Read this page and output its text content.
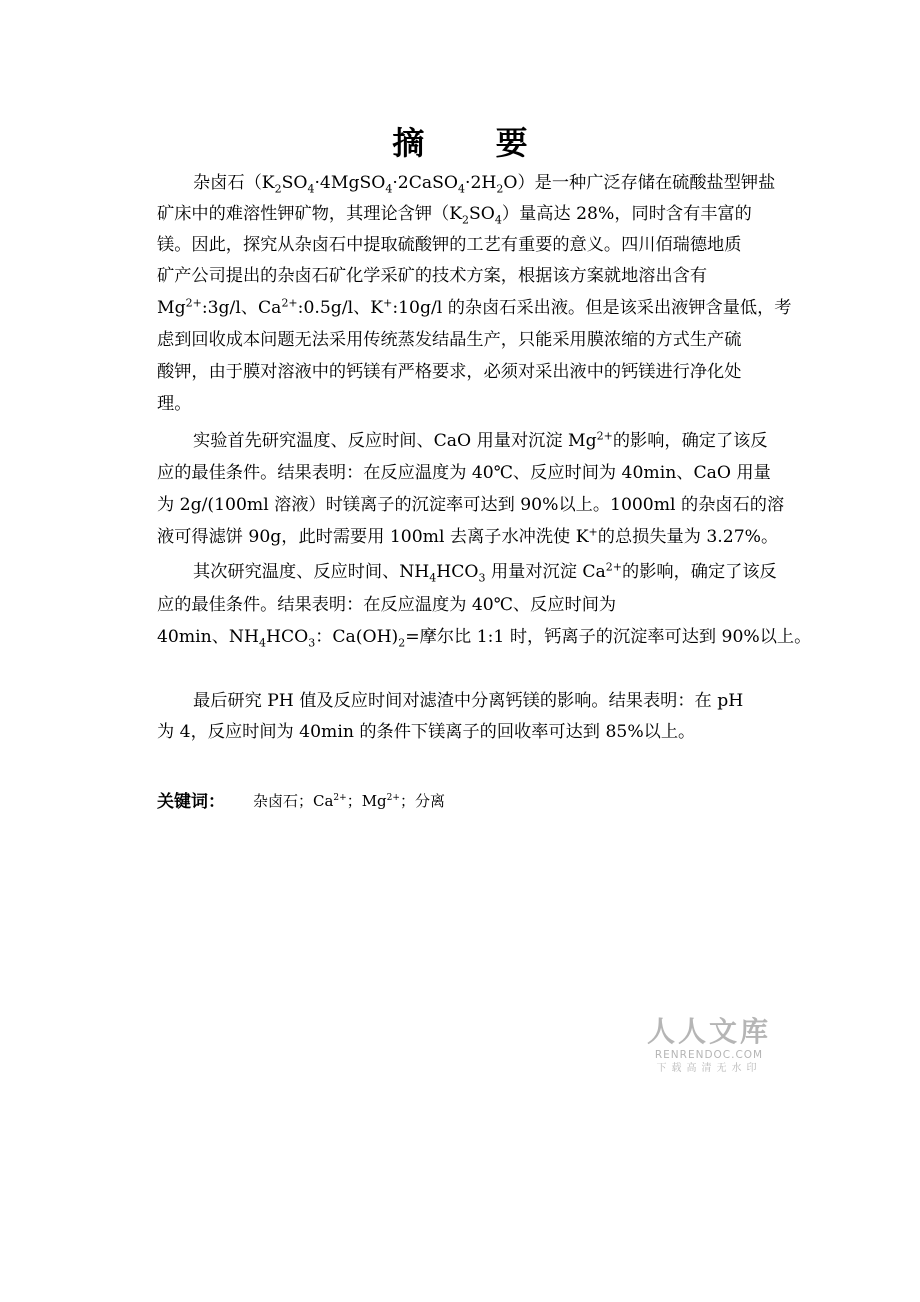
摘 要
杂卤石$(K_2SO_4\cdot 4MgSO_4\cdot 2CaSO_4\cdot 2H_2O)$是一种广泛存储在硫酸盐型钾盐
矿床中的难溶性钾矿物，其理论含钾$(K_2SO_4)$量高达 28%，同时含有丰富的
镁。因此，探究从杂卤石中提取硫酸钾的工艺有重要的意义。四川佰瑞德地质
矿产公司提出的杂卤石矿化学采矿的技术方案，根据该方案就地溶出含有
$Mg^{2+}:3g/l$、$Ca^{2+}:0.5g/l$、K+:10g/l 的杂卤石采出液。但是该采出液钾含量低，考
虑到回收成本问题无法采用传统蒸发结晶生产，只能采用膜浓缩的方式生产硫
酸钾，由于膜对溶液中的钙镁有严格要求，必须对采出液中的钙镁进行净化处
理。
实验首先研究温度、反应时间、CaO 用量对沉淀 $Mg^{2+}$的影响，确定了该反
应的最佳条件。结果表明：在反应温度为 40℃、反应时间为 40min、CaO 用量
为 2g/(100ml 溶液）时镁离子的沉淀率可达到 90%以上。1000ml 的杂卤石的溶
液可得滤饼 90g，此时需要用 100ml 去离子水冲洗使 K+的总损失量为 3.27%。
其次研究温度、反应时间、$NH_4HCO_3$ 用量对沉淀 $Ca^{2+}$的影响，确定了该反
应的最佳条件。结果表明：在反应温度为 40℃、反应时间为
40min、$NH_4HCO_3$：$Ca(OH)_2=$摩尔比 1:1 时，钙离子的沉淀率可达到 90%以上。
最后研究 PH 值及反应时间对滤渣中分离钙镁的影响。结果表明：在 pH
为 4，反应时间为 40min 的条件下镁离子的回收率可达到 85%以上。
关键词： 杂卤石；$Ca^{2+}$；$Mg^{2+}$；分离
人人文库
RENRENDOC.COM
下载高清无水印
